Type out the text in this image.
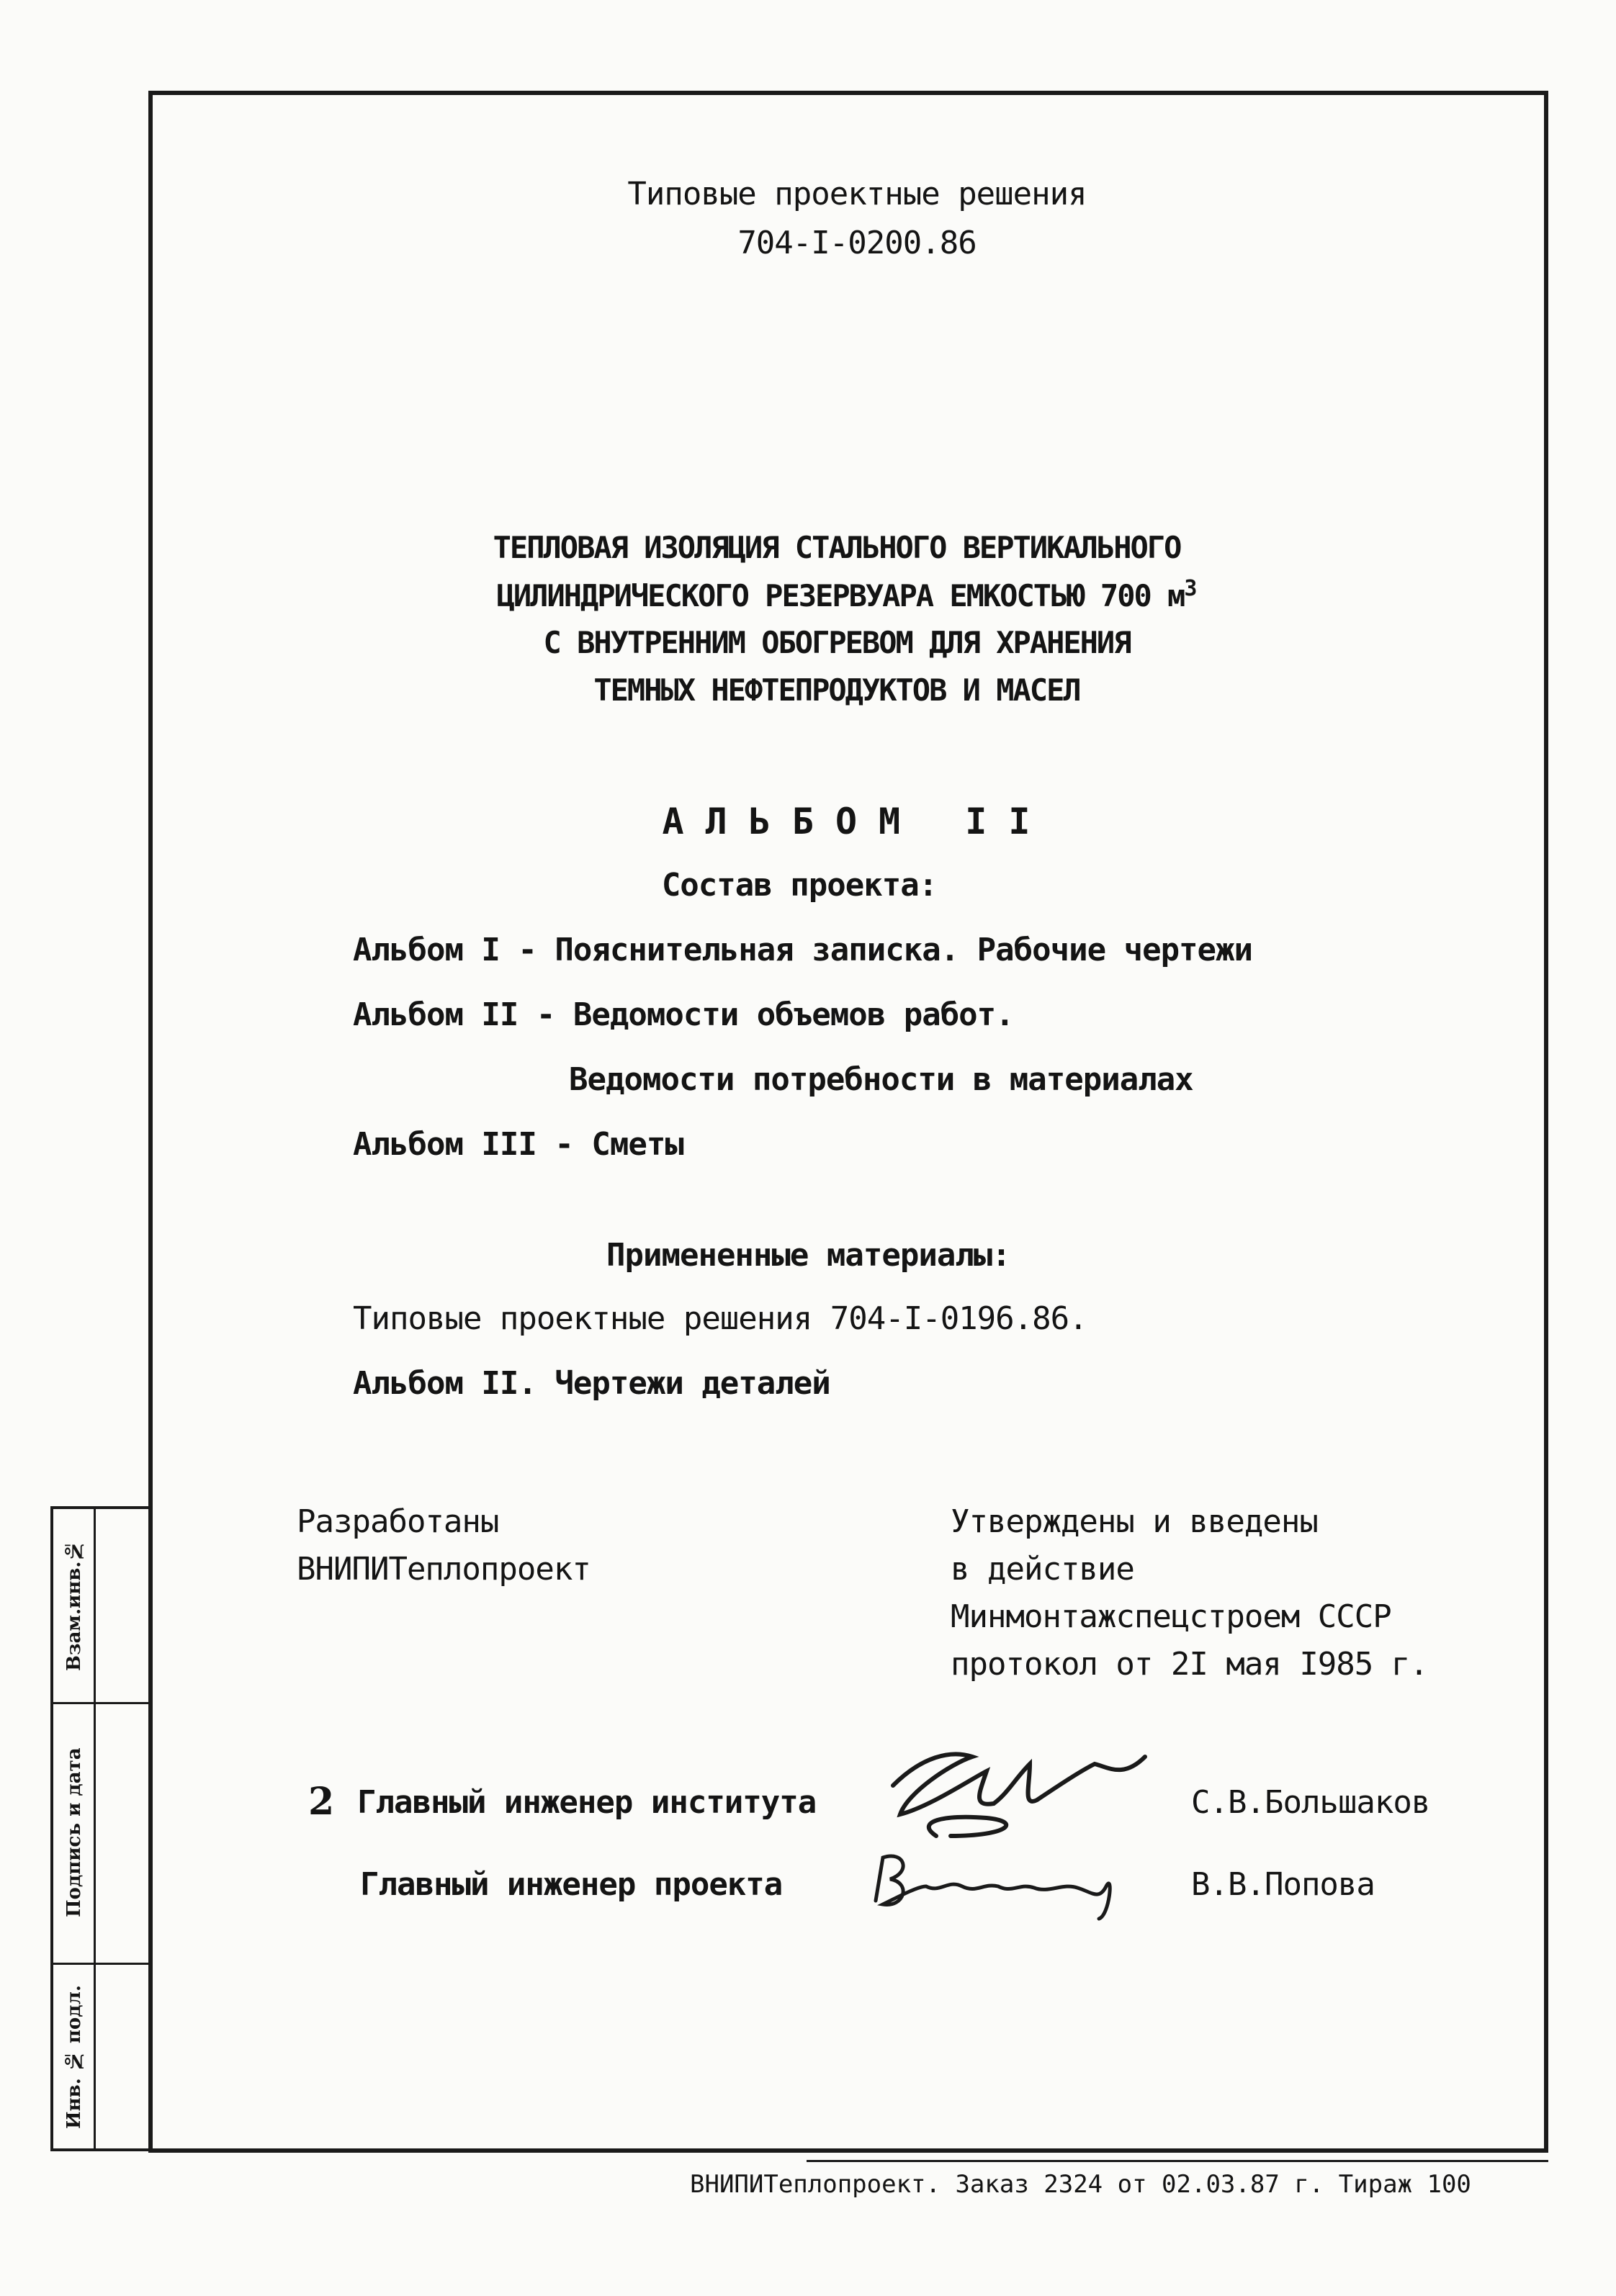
Типовые проектные решения
704-I-0200.86
ТЕПЛОВАЯ ИЗОЛЯЦИЯ СТАЛЬНОГО ВЕРТИКАЛЬНОГО
ЦИЛИНДРИЧЕСКОГО РЕЗЕРВУАРА ЕМКОСТЬЮ 700 $м^3$
С ВНУТРЕННИМ ОБОГРЕВОМ ДЛЯ ХРАНЕНИЯ
ТЕМНЫХ НЕФТЕПРОДУКТОВ И МАСЕЛ
АЛЬБОМ II
Состав проекта:
Альбом I - Пояснительная записка. Рабочие чертежи
Альбом II - Ведомости объемов работ.
Ведомости потребности в материалах
Альбом III - Сметы
Примененные материалы:
Типовые проектные решения 704-I-0196.86.
Альбом II. Чертежи деталей
Разработаны
ВНИПИТеплопроект
Утверждены и введены
в действие
Минмонтажспецстроем СССР
протокол от 2I мая I985 г.
2 Главный инженер института	С.В.Большаков
Главный инженер проекта	В.В.Попова
Взам.инв.№
Подпись и дата
Инв. № подл.
ВНИПИТеплопроект. Заказ 2324 от 02.03.87 г. Тираж 100
